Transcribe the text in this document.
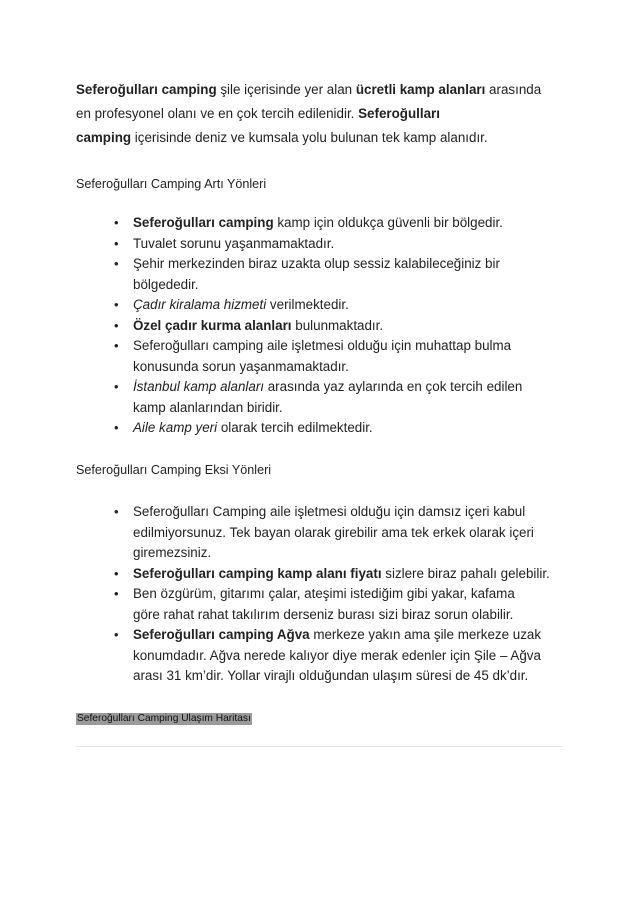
Seferoğulları camping şile içerisinde yer alan ücretli kamp alanları arasında

en profesyonel olanı ve en çok tercih edilenidir. Seferoğulları

camping içerisinde deniz ve kumsala yolu bulunan tek kamp alanıdır.

Seferoğulları Camping Artı Yönleri
• Seferoğulları camping kamp için oldukça güvenli bir bölgedir.
• Tuvalet sorunu yaşanmamaktadır.
• Şehir merkezinden biraz uzakta olup sessiz kalabileceğiniz bir
bölgededir.
• Çadır kiralama hizmeti verilmektedir.
• Özel çadır kurma alanları bulunmaktadır.
• Seferoğulları camping aile işletmesi olduğu için muhattap bulma
konusunda sorun yaşanmamaktadır.
• İstanbul kamp alanları arasında yaz aylarında en çok tercih edilen
kamp alanlarından biridir.
• Aile kamp yeri olarak tercih edilmektedir.
Seferoğulları Camping Eksi Yönleri
• Seferoğulları Camping aile işletmesi olduğu için damsız içeri kabul
edilmiyorsunuz. Tek bayan olarak girebilir ama tek erkek olarak içeri
giremezsiniz.
• Seferoğulları camping kamp alanı fiyatı sizlere biraz pahalı gelebilir.
• Ben özgürüm, gitarımı çalar, ateşimi istediğim gibi yakar, kafama
göre rahat rahat takılırım derseniz burası sizi biraz sorun olabilir.
• Seferoğulları camping Ağva merkeze yakın ama şile merkeze uzak
konumdadır. Ağva nerede kalıyor diye merak edenler için Şile – Ağva
arası 31 km’dir. Yollar virajlı olduğundan ulaşım süresi de 45 dk’dır.
Seferoğulları Camping Ulaşım Haritası
